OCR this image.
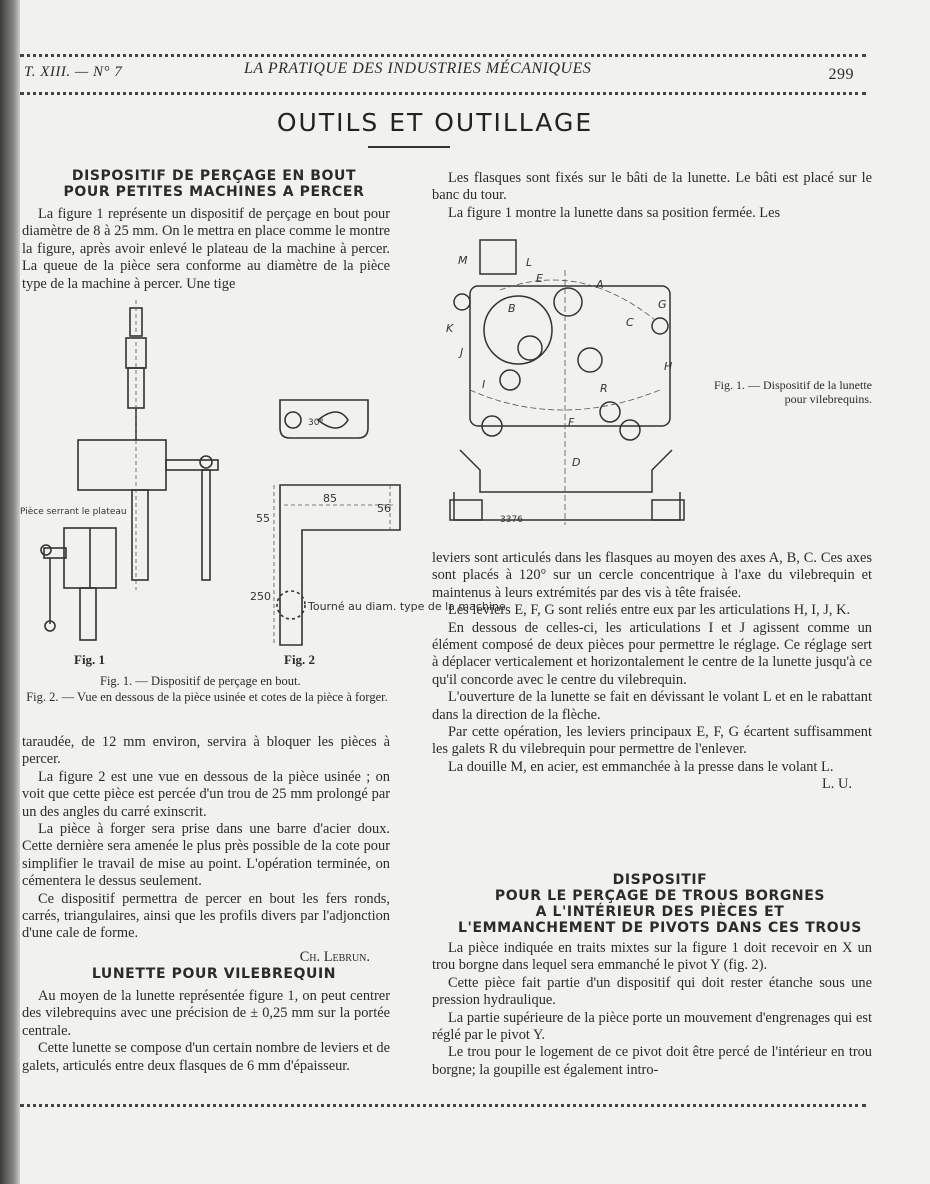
T. XIII. — N° 7	LA PRATIQUE DES INDUSTRIES MÉCANIQUES	299
OUTILS ET OUTILLAGE

DISPOSITIF DE PERÇAGE EN BOUT

POUR PETITES MACHINES A PERCER

La figure 1 représente un dispositif de perçage en bout pour diamètre de 8 à 25 mm. On le mettra en place comme le montre la figure, après avoir enlevé le plateau de la machine à percer. La queue de la pièce sera conforme au diamètre de la pièce type de la machine à percer. Une tige

Pièce serrant le plateau
85
56
55
250
30°
Tourné au diam. type de la machine
Fig. 1	Fig. 2
Fig. 1. — Dispositif de perçage en bout.
Fig. 2. — Vue en dessous de la pièce usinée et cotes de la pièce à forger.

taraudée, de 12 mm environ, servira à bloquer les pièces à percer.

La figure 2 est une vue en dessous de la pièce usinée ; on voit que cette pièce est percée d'un trou de 25 mm prolongé par un des angles du carré exinscrit.

La pièce à forger sera prise dans une barre d'acier doux. Cette dernière sera amenée le plus près possible de la cote pour simplifier le travail de mise au point. L'opération terminée, on cémentera le dessus seulement.

Ce dispositif permettra de percer en bout les fers ronds, carrés, triangulaires, ainsi que les profils divers par l'adjonction d'une cale de forme.

Ch. Lebrun.

LUNETTE POUR VILEBREQUIN

Au moyen de la lunette représentée figure 1, on peut centrer des vilebrequins avec une précision de ± 0,25 mm sur la portée centrale.

Cette lunette se compose d'un certain nombre de leviers et de galets, articulés entre deux flasques de 6 mm d'épaisseur.

Les flasques sont fixés sur le bâti de la lunette. Le bâti est placé sur le banc du tour.

La figure 1 montre la lunette dans sa position fermée. Les

M	L
E	A
G
K
B
C
J
H
I	R
F
D
3376
Fig. 1. — Dispositif de la lunette pour vilebrequins.

leviers sont articulés dans les flasques au moyen des axes A, B, C. Ces axes sont placés à 120° sur un cercle concentrique à l'axe du vilebrequin et maintenus à leurs extrémités par des vis à tête fraisée.

Les leviers E, F, G sont reliés entre eux par les articulations H, I, J, K.

En dessous de celles-ci, les articulations I et J agissent comme un élément composé de deux pièces pour permettre le réglage. Ce réglage sert à déplacer verticalement et horizontalement le centre de la lunette jusqu'à ce qu'il concorde avec le centre du vilebrequin.

L'ouverture de la lunette se fait en dévissant le volant L et en le rabattant dans la direction de la flèche.

Par cette opération, les leviers principaux E, F, G écartent suffisamment les galets R du vilebrequin pour permettre de l'enlever.

La douille M, en acier, est emmanchée à la presse dans le volant L.

L. U.

DISPOSITIF

POUR LE PERÇAGE DE TROUS BORGNES

A L'INTÉRIEUR DES PIÈCES ET

L'EMMANCHEMENT DE PIVOTS DANS CES TROUS

La pièce indiquée en traits mixtes sur la figure 1 doit recevoir en X un trou borgne dans lequel sera emmanché le pivot Y (fig. 2).

Cette pièce fait partie d'un dispositif qui doit rester étanche sous une pression hydraulique.

La partie supérieure de la pièce porte un mouvement d'engrenages qui est réglé par le pivot Y.

Le trou pour le logement de ce pivot doit être percé de l'intérieur en trou borgne; la goupille est également intro-
